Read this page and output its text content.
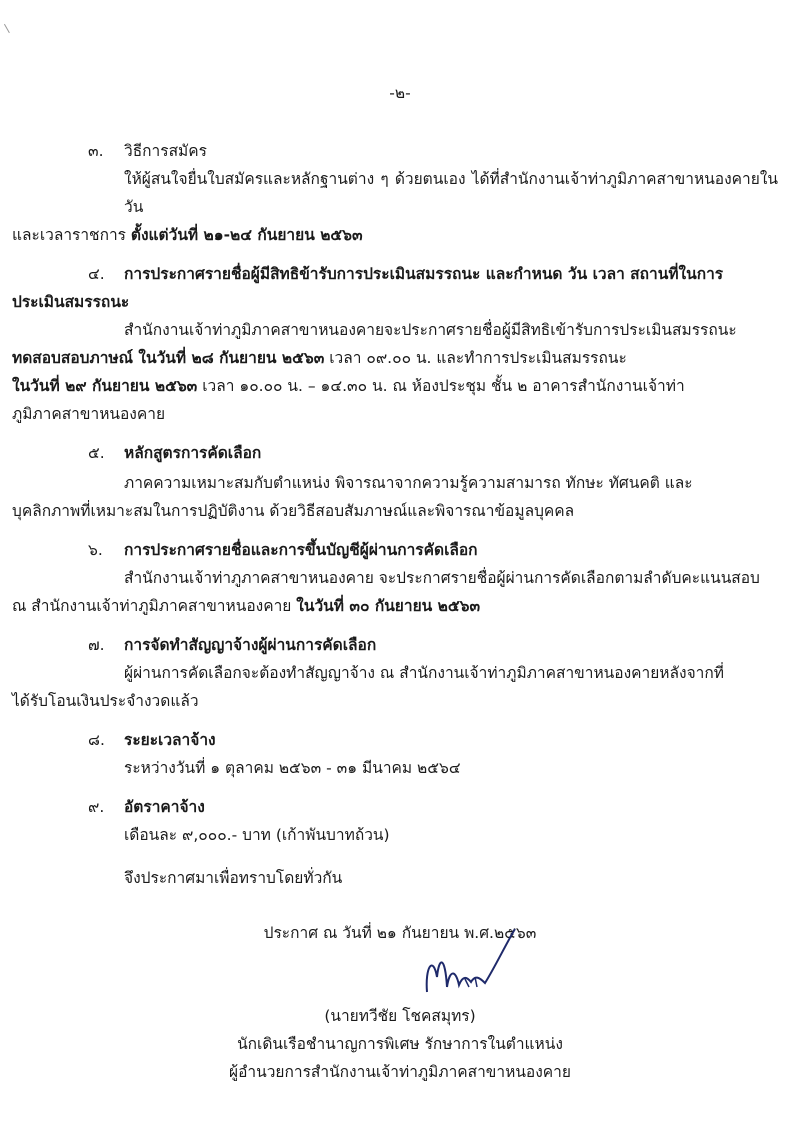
-๒-
๓.	วิธีการสมัคร
ให้ผู้สนใจยื่นใบสมัครและหลักฐานต่าง ๆ ด้วยตนเอง ได้ที่สำนักงานเจ้าท่าภูมิภาคสาขาหนองคายในวัน
และเวลาราชการ ตั้งแต่วันที่ ๒๑-๒๔ กันยายน ๒๕๖๓
๔.	การประกาศรายชื่อผู้มีสิทธิข้ารับการประเมินสมรรถนะ และกำหนด วัน เวลา สถานที่ในการ
ประเมินสมรรถนะ
สำนักงานเจ้าท่าภูมิภาคสาขาหนองคายจะประกาศรายชื่อผู้มีสิทธิเข้ารับการประเมินสมรรถนะ
ทดสอบสอบภาษณ์ ในวันที่ ๒๘ กันยายน ๒๕๖๓ เวลา ๐๙.๐๐ น. และทำการประเมินสมรรถนะ
ในวันที่ ๒๙ กันยายน ๒๕๖๓ เวลา ๑๐.๐๐ น. – ๑๔.๓๐ น. ณ ห้องประชุม ชั้น ๒ อาคารสำนักงานเจ้าท่า
ภูมิภาคสาขาหนองคาย
๕.	หลักสูตรการคัดเลือก
ภาคความเหมาะสมกับตำแหน่ง พิจารณาจากความรู้ความสามารถ ทักษะ ทัศนคติ และ
บุคลิกภาพที่เหมาะสมในการปฏิบัติงาน ด้วยวิธีสอบสัมภาษณ์และพิจารณาข้อมูลบุคคล
๖.	การประกาศรายชื่อและการขึ้นบัญชีผู้ผ่านการคัดเลือก
สำนักงานเจ้าท่าภูภาคสาขาหนองคาย จะประกาศรายชื่อผู้ผ่านการคัดเลือกตามลำดับคะแนนสอบ
ณ สำนักงานเจ้าท่าภูมิภาคสาขาหนองคาย ในวันที่ ๓๐ กันยายน ๒๕๖๓
๗.	การจัดทำสัญญาจ้างผู้ผ่านการคัดเลือก
ผู้ผ่านการคัดเลือกจะต้องทำสัญญาจ้าง ณ สำนักงานเจ้าท่าภูมิภาคสาขาหนองคายหลังจากที่
ได้รับโอนเงินประจำงวดแล้ว
๘.	ระยะเวลาจ้าง
ระหว่างวันที่ ๑ ตุลาคม ๒๕๖๓ - ๓๑ มีนาคม ๒๕๖๔
๙.	อัตราคาจ้าง
เดือนละ ๙,๐๐๐.- บาท (เก้าพันบาทถ้วน)
จึงประกาศมาเพื่อทราบโดยทั่วกัน
ประกาศ ณ วันที่ ๒๑ กันยายน พ.ศ.๒๕๖๓
(นายทวีชัย โชคสมุทร)
นักเดินเรือชำนาญการพิเศษ รักษาการในตำแหน่ง
ผู้อำนวยการสำนักงานเจ้าท่าภูมิภาคสาขาหนองคาย
